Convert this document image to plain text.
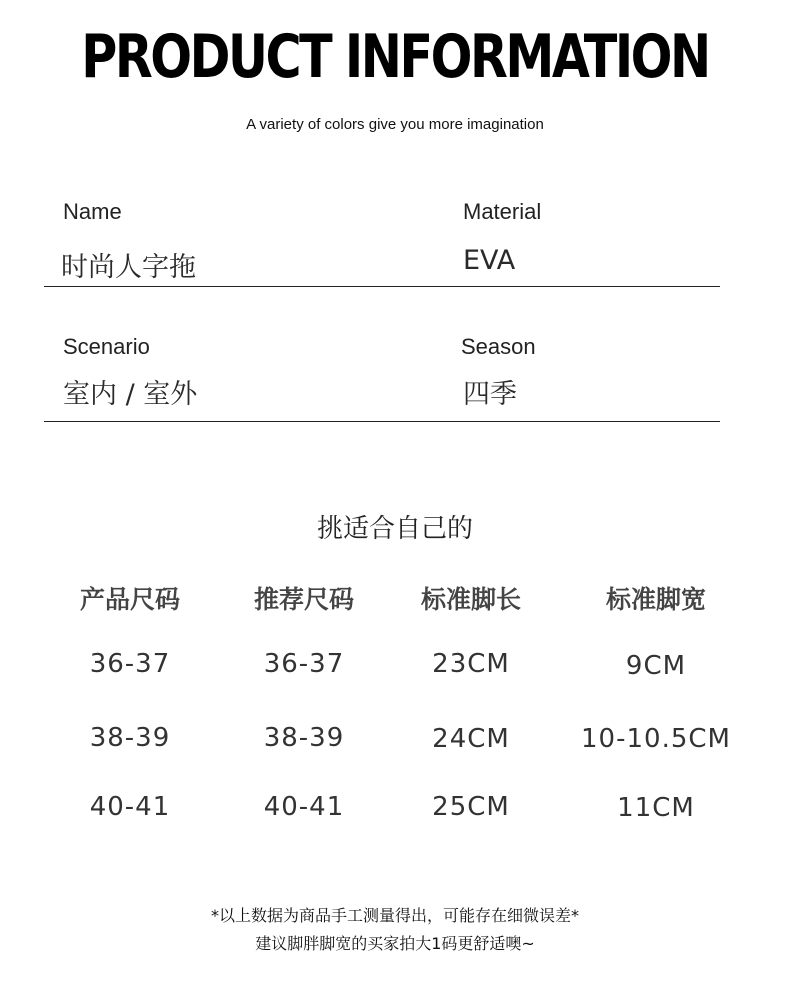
PRODUCT INFORMATION
A variety of colors give you more imagination
Name
时尚人字拖
Material
EVA
Scenario
室内 / 室外
Season
四季
挑适合自己的
产品尺码	推荐尺码	标准脚长	标准脚宽
36-37	36-37	23CM	9CM
38-39	38-39	24CM	10-10.5CM
40-41	40-41	25CM	11CM
*以上数据为商品手工测量得出，可能存在细微误差*
建议脚胖脚宽的买家拍大1码更舒适噢~
